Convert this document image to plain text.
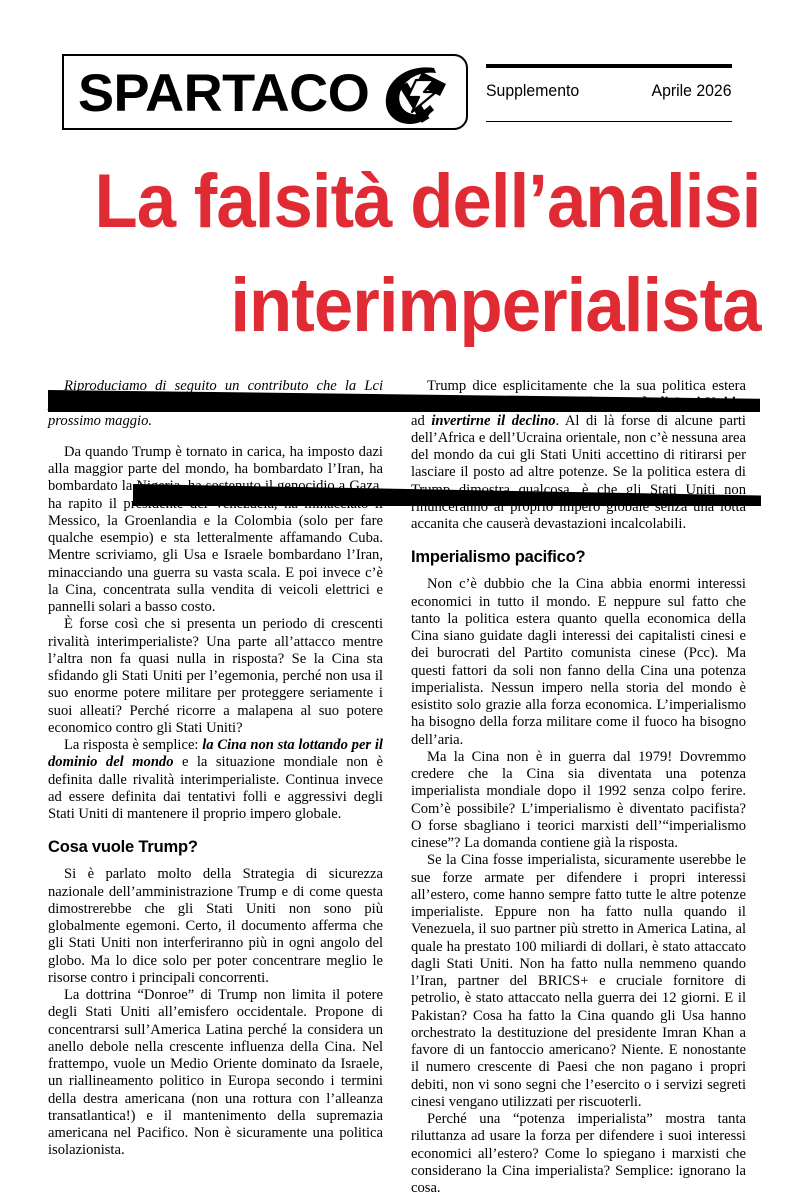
SPARTACO	Supplemento	Aprile 2026
La falsità dell’analisi
interimperialista

Riproduciamo di seguito un contributo che la Lci presenterà al Meeting delle forze internazionaliste il prossimo maggio.

Da quando Trump è tornato in carica, ha imposto dazi alla maggior parte del mondo, ha bombardato l’Iran, ha bombardato la Nigeria, ha sostenuto il genocidio a Gaza, ha rapito il presidente del Venezuela, ha minacciato il Messico, la Groenlandia e la Colombia (solo per fare qualche esempio) e sta letteralmente affamando Cuba. Mentre scriviamo, gli Usa e Israele bombardano l’Iran, minacciando una guerra su vasta scala. E poi invece c’è la Cina, concentrata sulla vendita di veicoli elettrici e pannelli solari a basso costo.

È forse così che si presenta un periodo di crescenti rivalità interimperialiste? Una parte all’attacco mentre l’altra non fa quasi nulla in risposta? Se la Cina sta sfidando gli Stati Uniti per l’egemonia, perché non usa il suo enorme potere militare per proteggere seriamente i suoi alleati? Perché ricorre a malapena al suo potere economico contro gli Stati Uniti?

La risposta è semplice: la Cina non sta lottando per il dominio del mondo e la situazione mondiale non è definita dalle rivalità interimperialiste. Continua invece ad essere definita dai tentativi folli e aggressivi degli Stati Uniti di mantenere il proprio impero globale.

Cosa vuole Trump?

Si è parlato molto della Strategia di sicurezza nazionale dell’amministrazione Trump e di come questa dimostrerebbe che gli Stati Uniti non sono più globalmente egemoni. Certo, il documento afferma che gli Stati Uniti non interferiranno più in ogni angolo del globo. Ma lo dice solo per poter concentrare meglio le risorse contro i principali concorrenti.

La dottrina “Donroe” di Trump non limita il potere degli Stati Uniti all’emisfero occidentale. Propone di concentrarsi sull’America Latina perché la considera un anello debole nella crescente influenza della Cina. Nel frattempo, vuole un Medio Oriente dominato da Israele, un riallineamento politico in Europa secondo i termini della destra americana (non una rottura con l’alleanza transatlantica!) e il mantenimento della supremazia americana nel Pacifico. Non è sicuramente una politica isolazionista.

Trump dice esplicitamente che la sua politica estera aggressiva mira a rafforzare il potere degli Stati Uniti e ad invertirne il declino. Al di là forse di alcune parti dell’Africa e dell’Ucraina orientale, non c’è nessuna area del mondo da cui gli Stati Uniti accettino di ritirarsi per lasciare il posto ad altre potenze. Se la politica estera di Trump dimostra qualcosa, è che gli Stati Uniti non rinunceranno al proprio impero globale senza una lotta accanita che causerà devastazioni incalcolabili.

Imperialismo pacifico?

Non c’è dubbio che la Cina abbia enormi interessi economici in tutto il mondo. E neppure sul fatto che tanto la politica estera quanto quella economica della Cina siano guidate dagli interessi dei capitalisti cinesi e dei burocrati del Partito comunista cinese (Pcc). Ma questi fattori da soli non fanno della Cina una potenza imperialista. Nessun impero nella storia del mondo è esistito solo grazie alla forza economica. L’imperialismo ha bisogno della forza militare come il fuoco ha bisogno dell’aria.

Ma la Cina non è in guerra dal 1979! Dovremmo credere che la Cina sia diventata una potenza imperialista mondiale dopo il 1992 senza colpo ferire. Com’è possibile? L’imperialismo è diventato pacifista? O forse sbagliano i teorici marxisti dell’“imperialismo cinese”? La domanda contiene già la risposta.

Se la Cina fosse imperialista, sicuramente userebbe le sue forze armate per difendere i propri interessi all’estero, come hanno sempre fatto tutte le altre potenze imperialiste. Eppure non ha fatto nulla quando il Venezuela, il suo partner più stretto in America Latina, al quale ha prestato 100 miliardi di dollari, è stato attaccato dagli Stati Uniti. Non ha fatto nulla nemmeno quando l’Iran, partner del BRICS+ e cruciale fornitore di petrolio, è stato attaccato nella guerra dei 12 giorni. E il Pakistan? Cosa ha fatto la Cina quando gli Usa hanno orchestrato la destituzione del presidente Imran Khan a favore di un fantoccio americano? Niente. E nonostante il numero crescente di Paesi che non pagano i propri debiti, non vi sono segni che l’esercito o i servizi segreti cinesi vengano utilizzati per riscuoterli.

Perché una “potenza imperialista” mostra tanta riluttanza ad usare la forza per difendere i suoi interessi economici all’estero? Come lo spiegano i marxisti che considerano la Cina imperialista? Semplice: ignorano la cosa.
